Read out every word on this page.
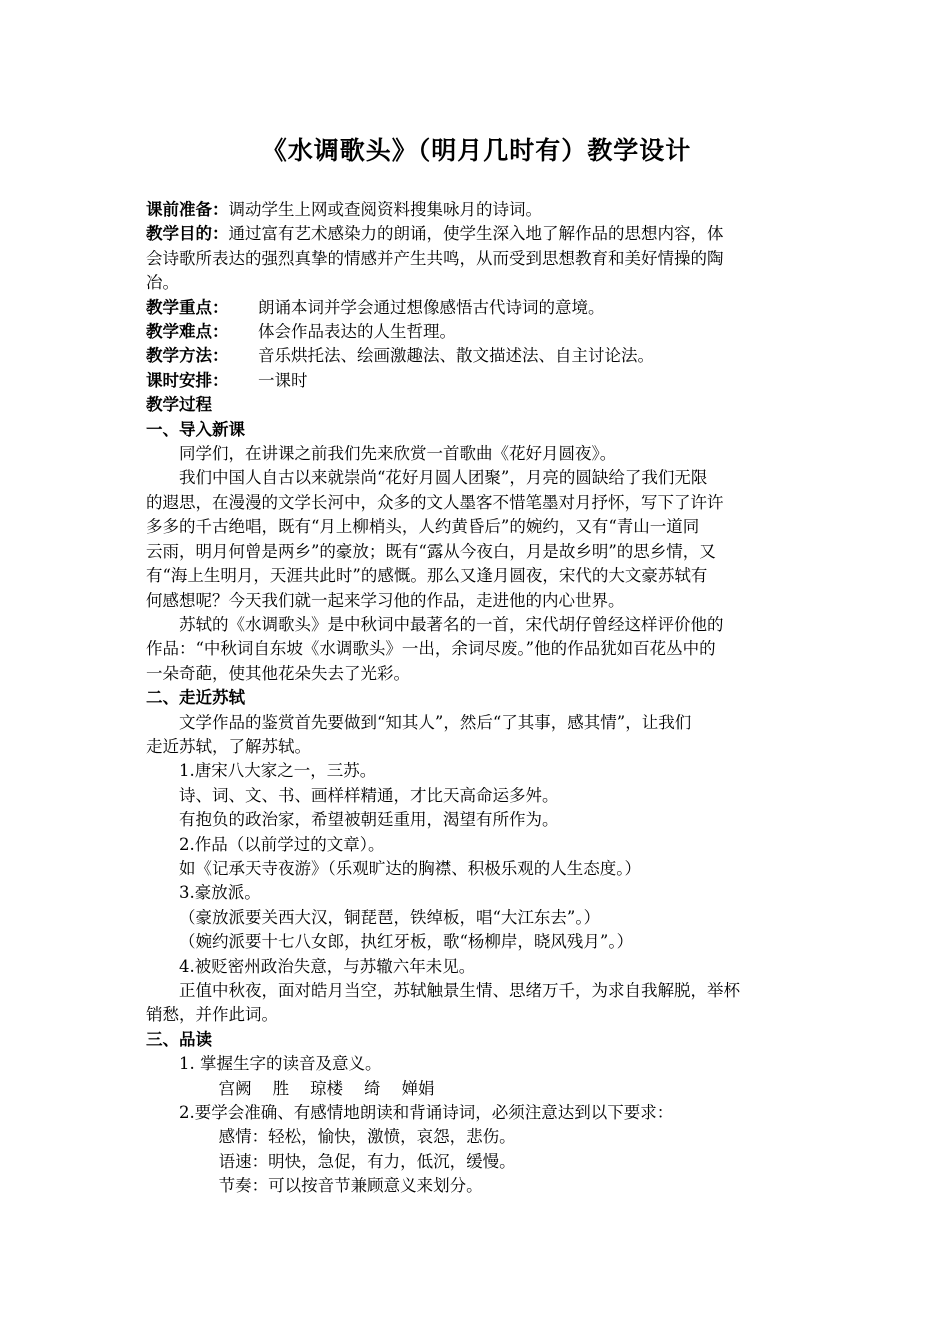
《水调歌头》（明月几时有）教学设计

课前准备：调动学生上网或查阅资料搜集咏月的诗词。

教学目的：通过富有艺术感染力的朗诵，使学生深入地了解作品的思想内容，体

会诗歌所表达的强烈真挚的情感并产生共鸣，从而受到思想教育和美好情操的陶

冶。

教学重点： 朗诵本词并学会通过想像感悟古代诗词的意境。

教学难点： 体会作品表达的人生哲理。

教学方法： 音乐烘托法、绘画激趣法、散文描述法、自主讨论法。

课时安排： 一课时

教学过程

一、导入新课

同学们，在讲课之前我们先来欣赏一首歌曲《花好月圆夜》。

我们中国人自古以来就崇尚“花好月圆人团聚”，月亮的圆缺给了我们无限

的遐思，在漫漫的文学长河中，众多的文人墨客不惜笔墨对月抒怀，写下了许许

多多的千古绝唱，既有“月上柳梢头，人约黄昏后”的婉约，又有“青山一道同

云雨，明月何曾是两乡”的豪放；既有“露从今夜白，月是故乡明”的思乡情，又

有“海上生明月，天涯共此时”的感慨。那么又逢月圆夜，宋代的大文豪苏轼有

何感想呢？今天我们就一起来学习他的作品，走进他的内心世界。

苏轼的《水调歌头》是中秋词中最著名的一首，宋代胡仔曾经这样评价他的

作品：“中秋词自东坡《水调歌头》一出，余词尽废。”他的作品犹如百花丛中的

一朵奇葩，使其他花朵失去了光彩。

二、走近苏轼

文学作品的鉴赏首先要做到“知其人”，然后“了其事，感其情”，让我们

走近苏轼，了解苏轼。

1.唐宋八大家之一，三苏。

诗、词、文、书、画样样精通，才比天高命运多舛。

有抱负的政治家，希望被朝廷重用，渴望有所作为。

2.作品（以前学过的文章）。

如《记承天寺夜游》（乐观旷达的胸襟、积极乐观的人生态度。）

3.豪放派。

（豪放派要关西大汉，铜琵琶，铁绰板，唱“大江东去”。）

（婉约派要十七八女郎，执红牙板，歌“杨柳岸，晓风残月”。）

4.被贬密州政治失意，与苏辙六年未见。

正值中秋夜，面对皓月当空，苏轼触景生情、思绪万千，为求自我解脱，举杯

销愁，并作此词。

三、品读

1. 掌握生字的读音及意义。

宫阙    胜    琼楼    绮    婵娟

2.要学会准确、有感情地朗读和背诵诗词，必须注意达到以下要求：

感情：轻松，愉快，激愤，哀怨，悲伤。

语速：明快，急促，有力，低沉，缓慢。

节奏：可以按音节兼顾意义来划分。
